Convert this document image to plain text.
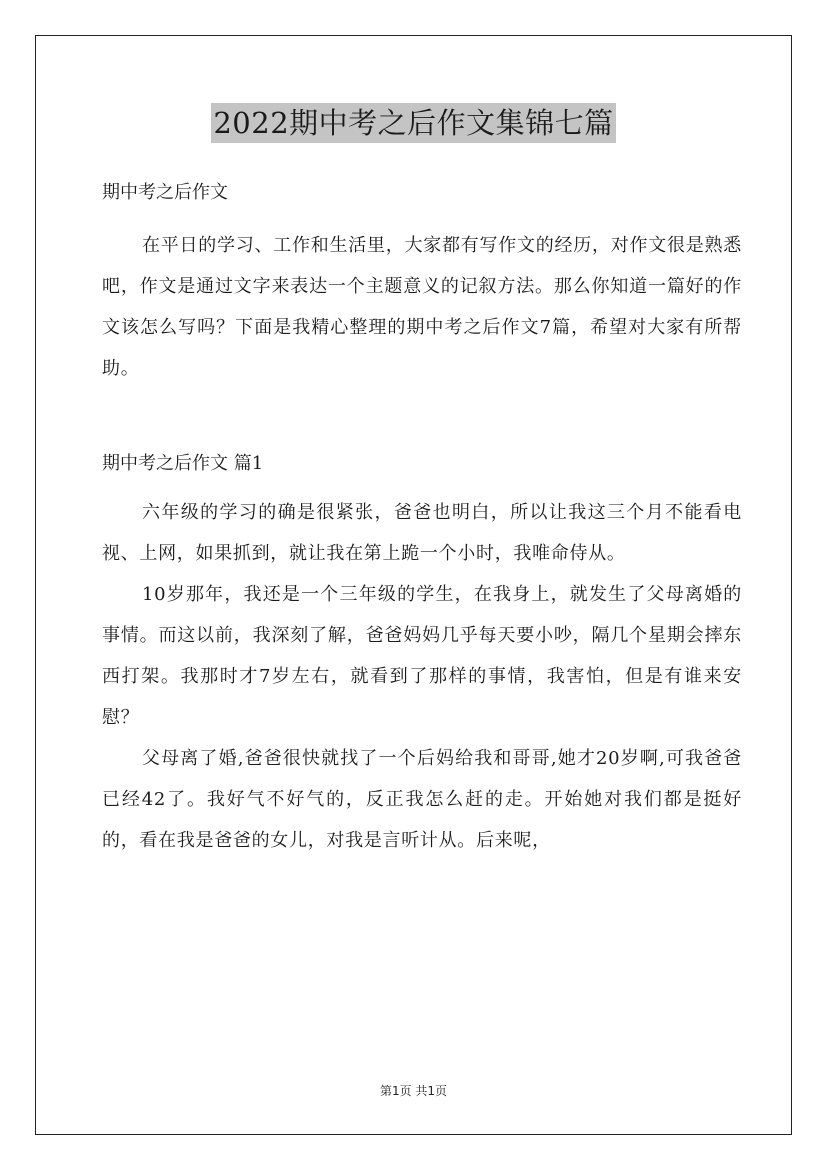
2022期中考之后作文集锦七篇

期中考之后作文

在平日的学习、工作和生活里，大家都有写作文的经历，对作文很是熟悉吧，作文是通过文字来表达一个主题意义的记叙方法。那么你知道一篇好的作文该怎么写吗？下面是我精心整理的期中考之后作文7篇，希望对大家有所帮助。

期中考之后作文 篇1

六年级的学习的确是很紧张，爸爸也明白，所以让我这三个月不能看电视、上网，如果抓到，就让我在第上跪一个小时，我唯命侍从。

10岁那年，我还是一个三年级的学生，在我身上，就发生了父母离婚的事情。而这以前，我深刻了解，爸爸妈妈几乎每天要小吵，隔几个星期会摔东西打架。我那时才7岁左右，就看到了那样的事情，我害怕，但是有谁来安慰？

父母离了婚,爸爸很快就找了一个后妈给我和哥哥,她才20岁啊,可我爸爸已经42了。我好气不好气的，反正我怎么赶的走。开始她对我们都是挺好的，看在我是爸爸的女儿，对我是言听计从。后来呢，

第1页 共1页
